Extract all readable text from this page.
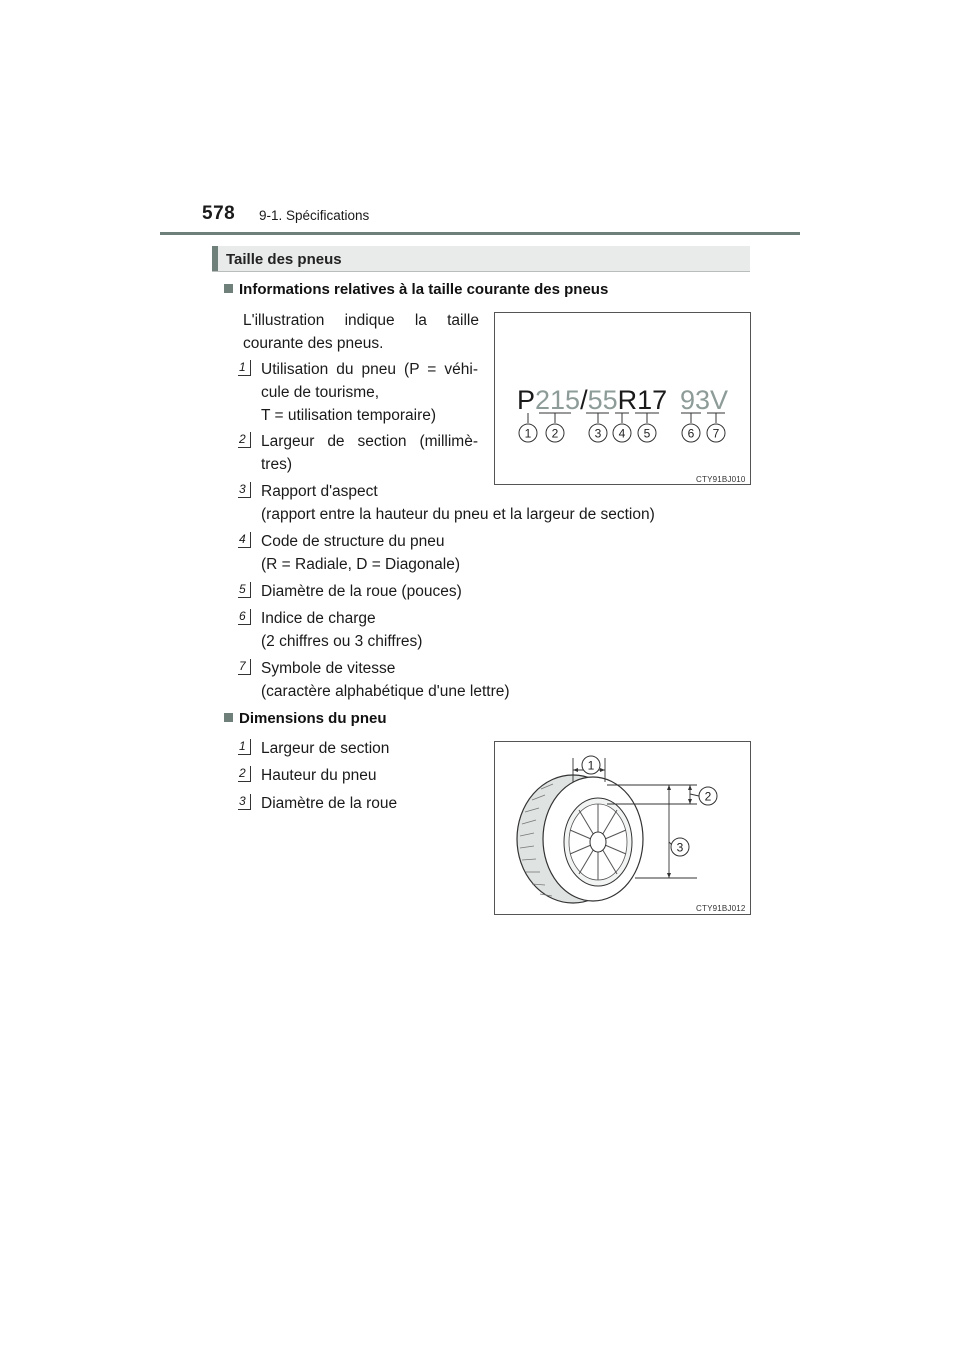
578 9-1. Spécifications
Taille des pneus
Informations relatives à la taille courante des pneus
L'illustration indique la taille
courante des pneus.
1 Utilisation du pneu (P = véhi-
cule de tourisme,
T = utilisation temporaire)
2 Largeur de section (millimè-
tres)
3 Rapport d'aspect
(rapport entre la hauteur du pneu et la largeur de section)
4 Code de structure du pneu
(R = Radiale, D = Diagonale)
5 Diamètre de la roue (pouces)
6 Indice de charge
(2 chiffres ou 3 chiffres)
7 Symbole de vitesse
(caractère alphabétique d'une lettre)
P215/55R17 93V
1 2	3 4 5	6 7
CTY91BJ010
Dimensions du pneu
1 Largeur de section
2 Hauteur du pneu
3 Diamètre de la roue
1
2
3
CTY91BJ012
